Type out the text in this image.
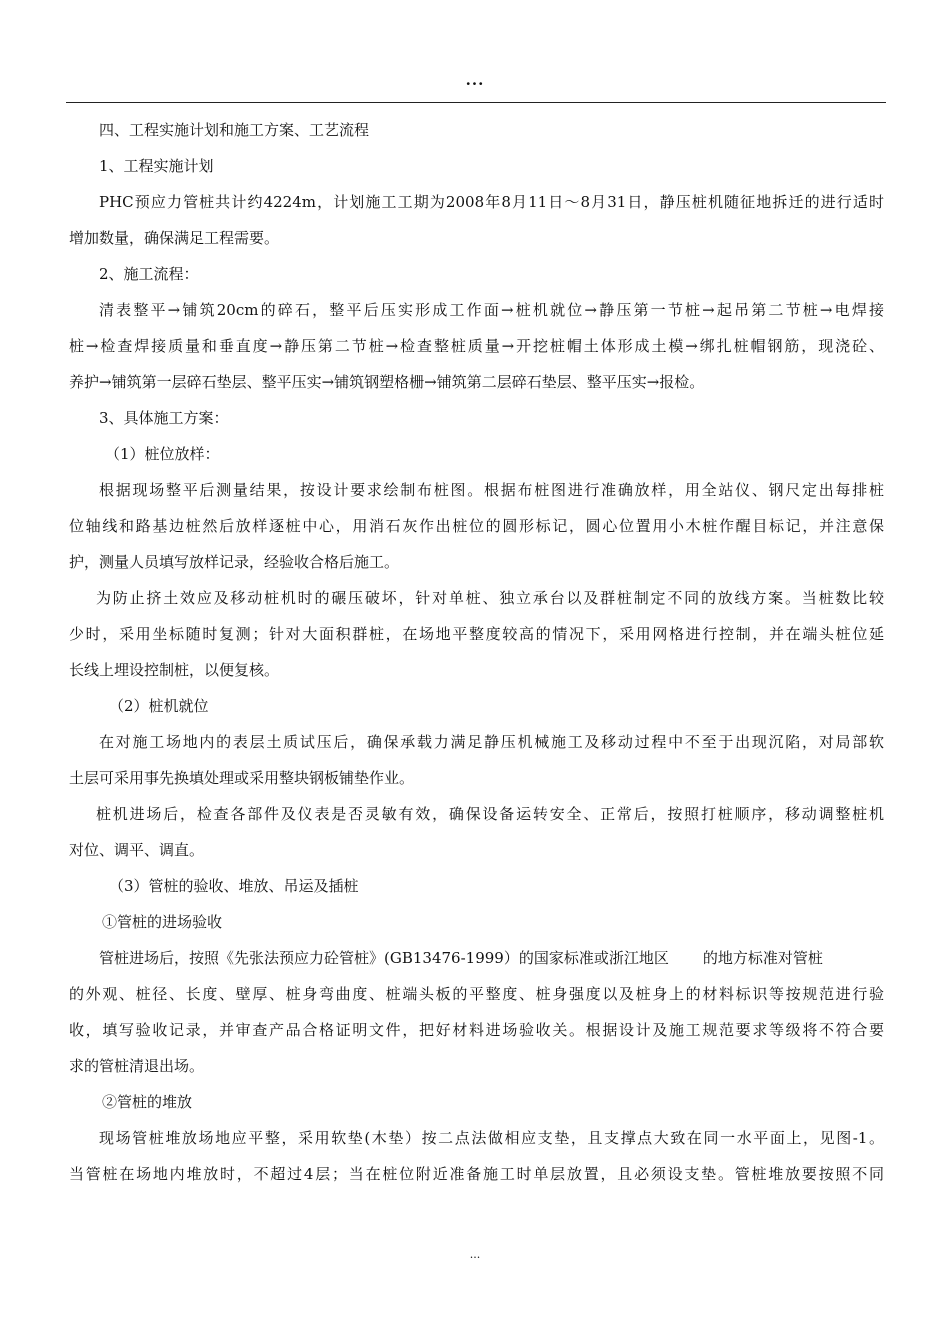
...
四、工程实施计划和施工方案、工艺流程
1、工程实施计划
PHC预应力管桩共计约4224m，计划施工工期为2008年8月11日～8月31日，静压桩机随征地拆迁的进行适时
增加数量，确保满足工程需要。
2、施工流程：
清表整平→铺筑20cm的碎石，整平后压实形成工作面→桩机就位→静压第一节桩→起吊第二节桩→电焊接
桩→检查焊接质量和垂直度→静压第二节桩→检查整桩质量→开挖桩帽土体形成土模→绑扎桩帽钢筋，现浇砼、
养护→铺筑第一层碎石垫层、整平压实→铺筑钢塑格栅→铺筑第二层碎石垫层、整平压实→报检。
3、具体施工方案：
（1）桩位放样：
根据现场整平后测量结果，按设计要求绘制布桩图。根据布桩图进行准确放样，用全站仪、钢尺定出每排桩
位轴线和路基边桩然后放样逐桩中心，用消石灰作出桩位的圆形标记，圆心位置用小木桩作醒目标记，并注意保
护，测量人员填写放样记录，经验收合格后施工。
为防止挤土效应及移动桩机时的碾压破坏，针对单桩、独立承台以及群桩制定不同的放线方案。当桩数比较
少时，采用坐标随时复测；针对大面积群桩，在场地平整度较高的情况下，采用网格进行控制，并在端头桩位延
长线上埋设控制桩，以便复核。
（2）桩机就位
在对施工场地内的表层土质试压后，确保承载力满足静压机械施工及移动过程中不至于出现沉陷，对局部软
土层可采用事先换填处理或采用整块钢板铺垫作业。
桩机进场后，检查各部件及仪表是否灵敏有效，确保设备运转安全、正常后，按照打桩顺序，移动调整桩机
对位、调平、调直。
（3）管桩的验收、堆放、吊运及插桩
①管桩的进场验收
管桩进场后，按照《先张法预应力砼管桩》(GB13476-1999）的国家标准或浙江地区 的地方标准对管桩
的外观、桩径、长度、壁厚、桩身弯曲度、桩端头板的平整度、桩身强度以及桩身上的材料标识等按规范进行验
收，填写验收记录，并审查产品合格证明文件，把好材料进场验收关。根据设计及施工规范要求等级将不符合要
求的管桩清退出场。
②管桩的堆放
现场管桩堆放场地应平整，采用软垫(木垫）按二点法做相应支垫，且支撑点大致在同一水平面上，见图-1。
当管桩在场地内堆放时，不超过4层；当在桩位附近准备施工时单层放置，且必须设支垫。管桩堆放要按照不同
...
